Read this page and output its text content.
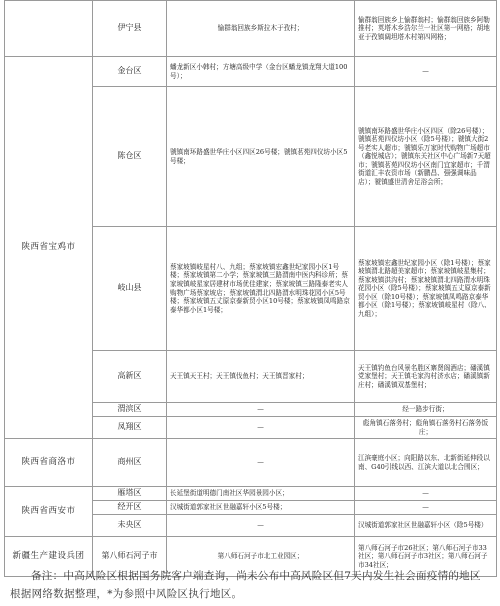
	伊宁县	愉群翁回族乡斯拉木于孜村；	愉群翁回族乡上愉群翁村；愉群翁回族乡阿勒推村；英塔木乡浩尔兰一社区第一网格；胡地亚于孜镇阔坦塔木村第四网格；
陕西省宝鸡市	金台区	蟠龙新区小韩村；方塘高级中学（金台区蟠龙镇龙翔大道100号）；	—
	陈仓区	虢镇南环路盛世华庄小区四区26号楼；虢镇茗苑四仪坊小区5号楼；	虢镇南环路盛世华庄小区四区（除26号楼）；虢镇茗苑四仪坊小区（除5号楼）；虢镇大街2号老实人超市；虢镇乐万家时代购物广场超市（鑫悦城店）；虢镇东关社区中心广场新7天超市；虢镇茗苑四仪坊小区南门宜家超市；千渭街道汇丰农资市场（新鹏昌、强强调味品店）；虢镇盛世清舍足浴会所；
	岐山县	蔡家坡镇岐星村八、九组；蔡家坡镇宏鑫世纪家园小区1号楼；蔡家坡镇第二小学；蔡家坡镇三路渭南中医内科诊所；蔡家坡镇岐星家居建材市场优佳建家；蔡家坡镇三路隆泰老实人购物广场蔡家坡店；蔡家坡镇渭北四路渭水明珠花园小区5号楼；蔡家坡镇五丈原京泰新贸小区10号楼；蔡家坡镇凤鸣路京泰华都小区1号楼；	蔡家坡镇宏鑫世纪家园小区（除1号楼）；蔡家坡镇渭北路超美家超市；蔡家坡镇岐星集村；蔡家坡镇洪沟村；蔡家坡镇渭北四路渭水明珠花园小区（除5号楼）；蔡家坡镇五丈原京泰新贸小区（除10号楼）；蔡家坡镇凤鸣路京泰华都小区（除1号楼）；蔡家坡镇岐星村（除八、九组）；
	高新区	天王镇天王村；天王镇伐鱼村；天王镇晋家村；	天王镇钓鱼台风景名胜区寨贤阁酒店；磻溪镇党家堡村；天王镇毛家沟村济水店；磻溪镇新庄村；磻溪镇双基堡村；
	渭滨区	—	经一路步行街；
	凤翔区	—	彪角镇石落务村；彪角镇石落务村石落务饭庄；
陕西省商洛市	商州区	—	江滨豪庭小区；向阳路以东、北新街延伸段以南、G40引线以西、江滨大道以北合围区；
陕西省西安市	雁塔区	长延堡街道明德门南社区华园景园小区；	—
	经开区	汉城街道郭家社区世融嘉轩小区5号楼；	—
	未央区	—	汉城街道郭家社区世融嘉轩小区（除5号楼）
新疆生产建设兵团	第八师石河子市	第八师石河子市北工业园区；	第八师石河子市26社区；第八师石河子市33社区；第八师石河子市3社区；第八师石河子市34社区；

备注：中高风险区根据国务院客户端查询，尚未公布中高风险区但7天内发生社会面疫情的地区根据网络数据整理，*为参照中风险区执行地区。
